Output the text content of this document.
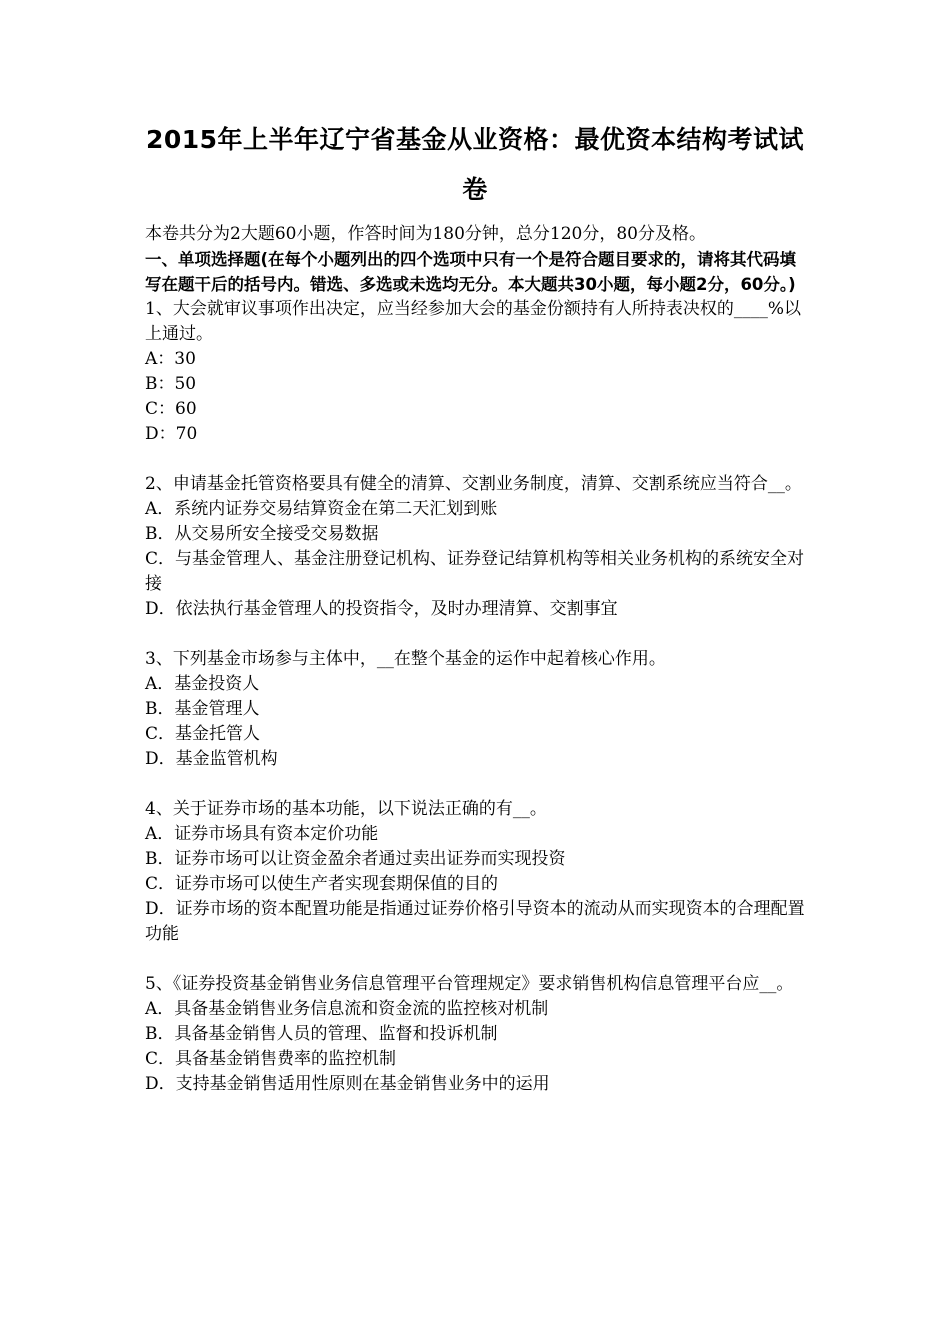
2015年上半年辽宁省基金从业资格：最优资本结构考试试
卷

本卷共分为2大题60小题，作答时间为180分钟，总分120分，80分及格。

一、单项选择题(在每个小题列出的四个选项中只有一个是符合题目要求的，请将其代码填写在题干后的括号内。错选、多选或未选均无分。本大题共30小题，每小题2分，60分。)

1、大会就审议事项作出决定，应当经参加大会的基金份额持有人所持表决权的____%以上通过。

A：30

B：50

C：60

D：70

2、申请基金托管资格要具有健全的清算、交割业务制度，清算、交割系统应当符合__。

A．系统内证券交易结算资金在第二天汇划到账

B．从交易所安全接受交易数据

C．与基金管理人、基金注册登记机构、证券登记结算机构等相关业务机构的系统安全对接

D．依法执行基金管理人的投资指令，及时办理清算、交割事宜

3、下列基金市场参与主体中，__在整个基金的运作中起着核心作用。

A．基金投资人

B．基金管理人

C．基金托管人

D．基金监管机构

4、关于证券市场的基本功能，以下说法正确的有__。

A．证券市场具有资本定价功能

B．证券市场可以让资金盈余者通过卖出证券而实现投资

C．证券市场可以使生产者实现套期保值的目的

D．证券市场的资本配置功能是指通过证券价格引导资本的流动从而实现资本的合理配置功能

5、《证券投资基金销售业务信息管理平台管理规定》要求销售机构信息管理平台应__。

A．具备基金销售业务信息流和资金流的监控核对机制

B．具备基金销售人员的管理、监督和投诉机制

C．具备基金销售费率的监控机制

D．支持基金销售适用性原则在基金销售业务中的运用
